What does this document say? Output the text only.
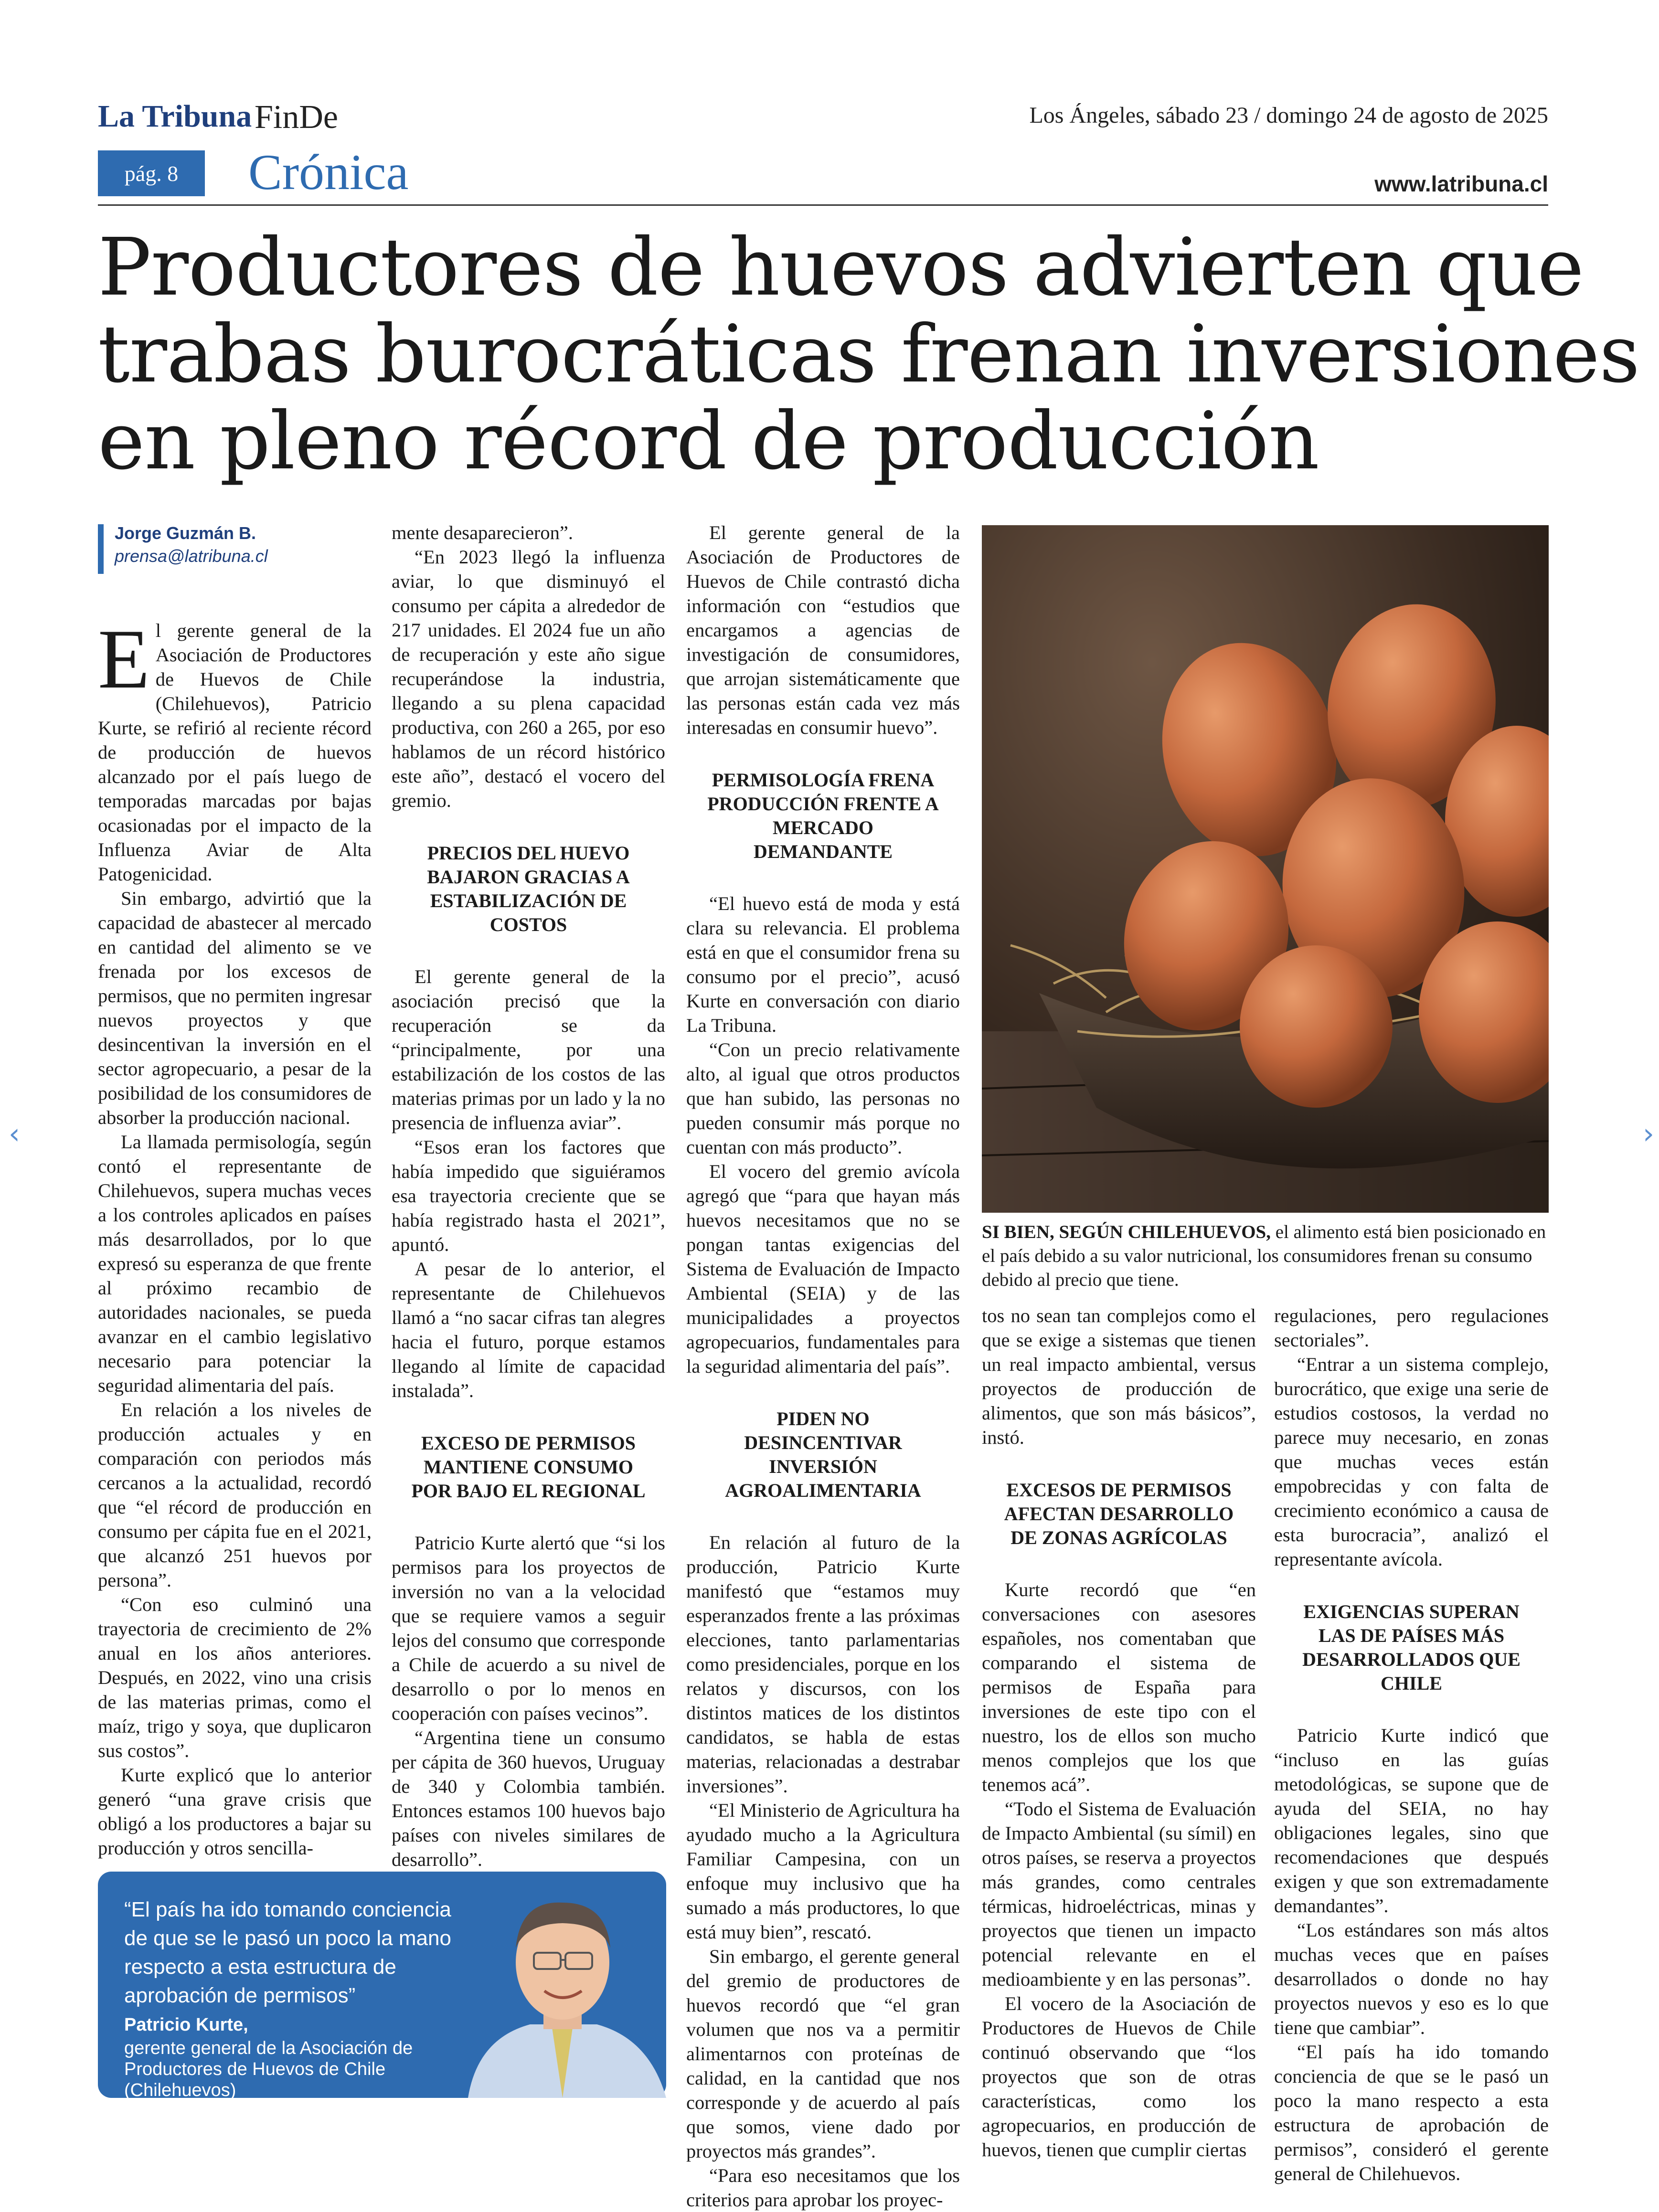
La Tribuna FinDe	Los Ángeles, sábado 23 / domingo 24 de agosto de 2025
pág. 8	Crónica	www.latribuna.cl
Productores de huevos advierten que
trabas burocráticas frenan inversiones
en pleno récord de producción
Jorge Guzmán B.
prensa@latribuna.cl

El gerente general de la Asociación de Productores de Huevos de Chile (Chilehuevos), Patricio Kurte, se refirió al reciente récord de producción de huevos alcanzado por el país luego de temporadas marcadas por bajas ocasionadas por el impacto de la Influenza Aviar de Alta Patogenicidad.

Sin embargo, advirtió que la capacidad de abastecer al mercado en cantidad del alimento se ve frenada por los excesos de permisos, que no permiten ingresar nuevos proyectos y que desincentivan la inversión en el sector agropecuario, a pesar de la posibilidad de los consumidores de absorber la producción nacional.

La llamada permisología, según contó el representante de Chilehuevos, supera muchas veces a los controles aplicados en países más desarrollados, por lo que expresó su esperanza de que frente al próximo recambio de autoridades nacionales, se pueda avanzar en el cambio legislativo necesario para potenciar la seguridad alimentaria del país.

En relación a los niveles de producción actuales y en comparación con periodos más cercanos a la actualidad, recordó que “el récord de producción en consumo per cápita fue en el 2021, que alcanzó 251 huevos por persona”.

“Con eso culminó una trayectoria de crecimiento de 2% anual en los años anteriores. Después, en 2022, vino una crisis de las materias primas, como el maíz, trigo y soya, que duplicaron sus costos”.

Kurte explicó que lo anterior generó “una grave crisis que obligó a los productores a bajar su producción y otros sencilla-

mente desaparecieron”.

“En 2023 llegó la influenza aviar, lo que disminuyó el consumo per cápita a alrededor de 217 unidades. El 2024 fue un año de recuperación y este año sigue recuperándose la industria, llegando a su plena capacidad productiva, con 260 a 265, por eso hablamos de un récord histórico este año”, destacó el vocero del gremio.

PRECIOS DEL HUEVO BAJARON GRACIAS A ESTABILIZACIÓN DE COSTOS

El gerente general de la asociación precisó que la recuperación se da “principalmente, por una estabilización de los costos de las materias primas por un lado y la no presencia de influenza aviar”.

“Esos eran los factores que había impedido que siguiéramos esa trayectoria creciente que se había registrado hasta el 2021”, apuntó.

A pesar de lo anterior, el representante de Chilehuevos llamó a “no sacar cifras tan alegres hacia el futuro, porque estamos llegando al límite de capacidad instalada”.

EXCESO DE PERMISOS MANTIENE CONSUMO POR BAJO EL REGIONAL

Patricio Kurte alertó que “si los permisos para los proyectos de inversión no van a la velocidad que se requiere vamos a seguir lejos del consumo que corresponde a Chile de acuerdo a su nivel de desarrollo o por lo menos en cooperación con países vecinos”.

“Argentina tiene un consumo per cápita de 360 huevos, Uruguay de 340 y Colombia también. Entonces estamos 100 huevos bajo países con niveles similares de desarrollo”.

El gerente general de la Asociación de Productores de Huevos de Chile contrastó dicha información con “estudios que encargamos a agencias de investigación de consumidores, que arrojan sistemáticamente que las personas están cada vez más interesadas en consumir huevo”.

PERMISOLOGÍA FRENA PRODUCCIÓN FRENTE A MERCADO DEMANDANTE

“El huevo está de moda y está clara su relevancia. El problema está en que el consumidor frena su consumo por el precio”, acusó Kurte en conversación con diario La Tribuna.

“Con un precio relativamente alto, al igual que otros productos que han subido, las personas no pueden consumir más porque no cuentan con más producto”.

El vocero del gremio avícola agregó que “para que hayan más huevos necesitamos que no se pongan tantas exigencias del Sistema de Evaluación de Impacto Ambiental (SEIA) y de las municipalidades a proyectos agropecuarios, fundamentales para la seguridad alimentaria del país”.

PIDEN NO DESINCENTIVAR INVERSIÓN AGROALIMENTARIA

En relación al futuro de la producción, Patricio Kurte manifestó que “estamos muy esperanzados frente a las próximas elecciones, tanto parlamentarias como presidenciales, porque en los relatos y discursos, con los distintos matices de los distintos candidatos, se habla de estas materias, relacionadas a destrabar inversiones”.

“El Ministerio de Agricultura ha ayudado mucho a la Agricultura Familiar Campesina, con un enfoque muy inclusivo que ha sumado a más productores, lo que está muy bien”, rescató.

Sin embargo, el gerente general del gremio de productores de huevos recordó que “el gran volumen que nos va a permitir alimentarnos con proteínas de calidad, en la cantidad que nos corresponde y de acuerdo al país que somos, viene dado por proyectos más grandes”.

“Para eso necesitamos que los criterios para aprobar los proyec-

SI BIEN, SEGÚN CHILEHUEVOS, el alimento está bien posicionado en el país debido a su valor nutricional, los consumidores frenan su consumo debido al precio que tiene.

tos no sean tan complejos como el que se exige a sistemas que tienen un real impacto ambiental, versus proyectos de producción de alimentos, que son más básicos”, instó.

EXCESOS DE PERMISOS AFECTAN DESARROLLO DE ZONAS AGRÍCOLAS

Kurte recordó que “en conversaciones con asesores españoles, nos comentaban que comparando el sistema de permisos de España para inversiones de este tipo con el nuestro, los de ellos son mucho menos complejos que los que tenemos acá”.

“Todo el Sistema de Evaluación de Impacto Ambiental (su símil) en otros países, se reserva a proyectos más grandes, como centrales térmicas, hidroeléctricas, minas y proyectos que tienen un impacto potencial relevante en el medioambiente y en las personas”.

El vocero de la Asociación de Productores de Huevos de Chile continuó observando que “los proyectos que son de otras características, como los agropecuarios, en producción de huevos, tienen que cumplir ciertas

regulaciones, pero regulaciones sectoriales”.

“Entrar a un sistema complejo, burocrático, que exige una serie de estudios costosos, la verdad no parece muy necesario, en zonas que muchas veces están empobrecidas y con falta de crecimiento económico a causa de esta burocracia”, analizó el representante avícola.

EXIGENCIAS SUPERAN LAS DE PAÍSES MÁS DESARROLLADOS QUE CHILE

Patricio Kurte indicó que “incluso en las guías metodológicas, se supone que de ayuda del SEIA, no hay obligaciones legales, sino que recomendaciones que después exigen y que son extremadamente demandantes”.

“Los estándares son más altos muchas veces que en países desarrollados o donde no hay proyectos nuevos y eso es lo que tiene que cambiar”.

“El país ha ido tomando conciencia de que se le pasó un poco la mano respecto a esta estructura de aprobación de permisos”, consideró el gerente general de Chilehuevos.

“El país ha ido tomando conciencia de que se le pasó un poco la mano respecto a esta estructura de aprobación de permisos”
Patricio Kurte,
gerente general de la Asociación de Productores de Huevos de Chile (Chilehuevos)
‹	›
